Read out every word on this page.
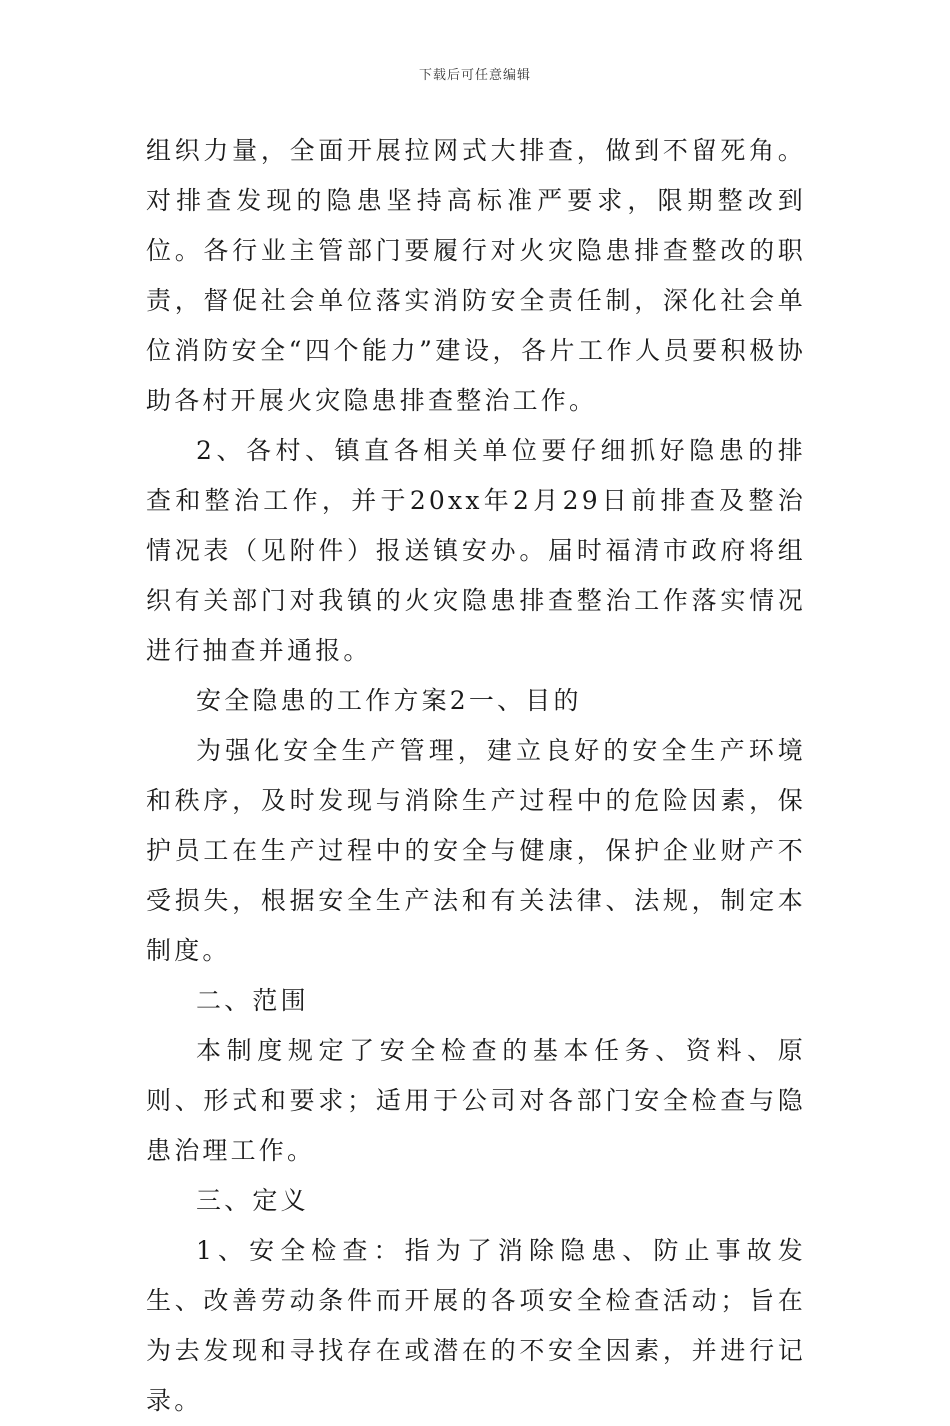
下载后可任意编辑

组织力量，全面开展拉网式大排查，做到不留死角。对排查发现的隐患坚持高标准严要求，限期整改到位。各行业主管部门要履行对火灾隐患排查整改的职责，督促社会单位落实消防安全责任制，深化社会单位消防安全“四个能力”建设，各片工作人员要积极协助各村开展火灾隐患排查整治工作。

2、各村、镇直各相关单位要仔细抓好隐患的排查和整治工作，并于20xx年2月29日前排查及整治情况表（见附件）报送镇安办。届时福清市政府将组织有关部门对我镇的火灾隐患排查整治工作落实情况进行抽查并通报。

安全隐患的工作方案2一、目的

为强化安全生产管理，建立良好的安全生产环境和秩序，及时发现与消除生产过程中的危险因素，保护员工在生产过程中的安全与健康，保护企业财产不受损失，根据安全生产法和有关法律、法规，制定本制度。

二、范围

本制度规定了安全检查的基本任务、资料、原则、形式和要求；适用于公司对各部门安全检查与隐患治理工作。

三、定义

1、安全检查：指为了消除隐患、防止事故发生、改善劳动条件而开展的各项安全检查活动；旨在为去发现和寻找存在或潜在的不安全因素，并进行记录。
